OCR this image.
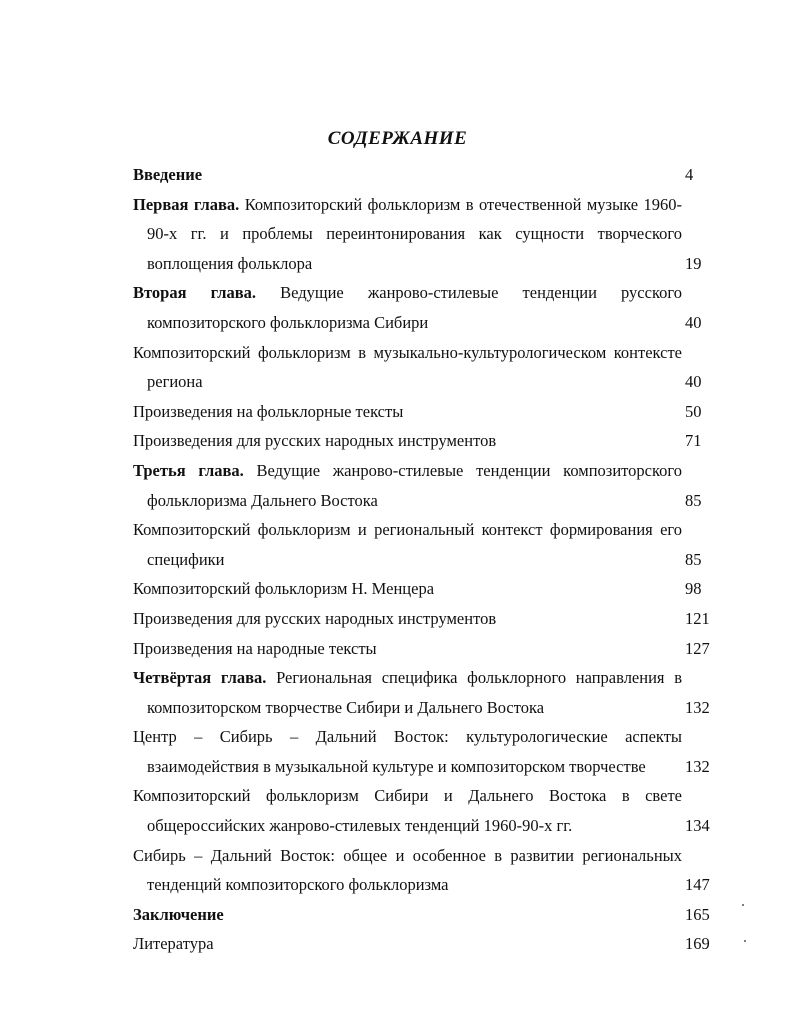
СОДЕРЖАНИЕ
Введение	4
Первая глава. Композиторский фольклоризм в отечественной музыке 1960-
90-х гг. и проблемы переинтонирования как сущности творческого
воплощения фольклора	19
Вторая глава. Ведущие жанрово-стилевые тенденции русского
композиторского фольклоризма Сибири	40
Композиторский фольклоризм в музыкально-культурологическом контексте
региона	40
Произведения на фольклорные тексты	50
Произведения для русских народных инструментов	71
Третья глава. Ведущие жанрово-стилевые тенденции композиторского
фольклоризма Дальнего Востока	85
Композиторский фольклоризм и региональный контекст формирования его
специфики	85
Композиторский фольклоризм Н. Менцера	98
Произведения для русских народных инструментов	121
Произведения на народные тексты	127
Четвёртая глава. Региональная специфика фольклорного направления в
композиторском творчестве Сибири и Дальнего Востока	132
Центр – Сибирь – Дальний Восток: культурологические аспекты
взаимодействия в музыкальной культуре и композиторском творчестве	132
Композиторский фольклоризм Сибири и Дальнего Востока в свете
общероссийских жанрово-стилевых тенденций 1960-90-х гг.	134
Сибирь – Дальний Восток: общее и особенное в развитии региональных
тенденций композиторского фольклоризма	147
Заключение	165
Литература	169
